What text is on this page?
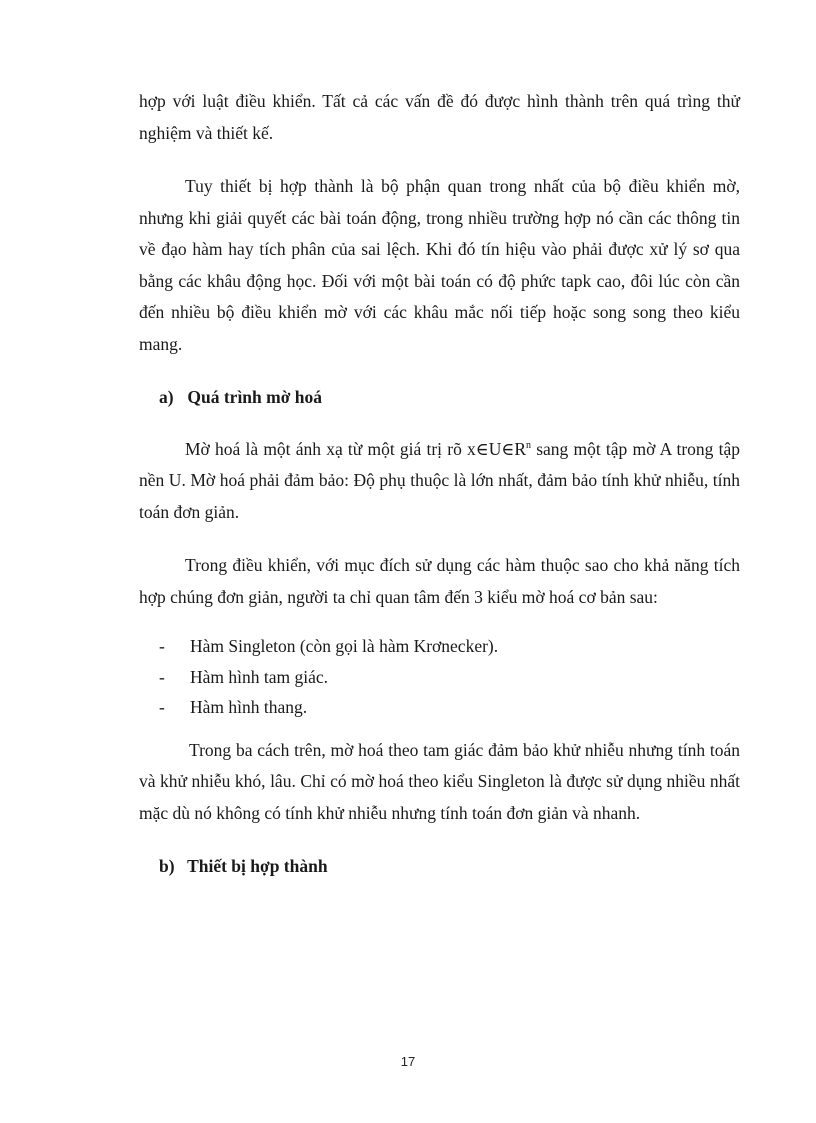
hợp với luật điều khiển. Tất cả các vấn đề đó được hình thành trên quá trìng thử nghiệm và thiết kế.

Tuy thiết bị hợp thành là bộ phận quan trong nhất của bộ điều khiển mờ, nhưng khi giải quyết các bài toán động, trong nhiều trường hợp nó cần các thông tin về đạo hàm hay tích phân của sai lệch. Khi đó tín hiệu vào phải được xử lý sơ qua bằng các khâu động học. Đối với một bài toán có độ phức tapk cao, đôi lúc còn cần đến nhiều bộ điều khiển mờ với các khâu mắc nối tiếp hoặc song song theo kiểu mang.

a) Quá trình mờ hoá

Mờ hoá là một ánh xạ từ một giá trị rõ $x\in U\in R^n$ sang một tập mờ A trong tập nền U. Mờ hoá phải đảm bảo: Độ phụ thuộc là lớn nhất, đảm bảo tính khử nhiễu, tính toán đơn giản.

Trong điều khiển, với mục đích sử dụng các hàm thuộc sao cho khả năng tích hợp chúng đơn giản, người ta chỉ quan tâm đến 3 kiểu mờ hoá cơ bản sau:

-	Hàm Singleton (còn gọi là hàm Krơnecker).
-	Hàm hình tam giác.
-	Hàm hình thang.

Trong ba cách trên, mờ hoá theo tam giác đảm bảo khử nhiễu nhưng tính toán và khử nhiễu khó, lâu. Chỉ có mờ hoá theo kiểu Singleton là được sử dụng nhiều nhất mặc dù nó không có tính khử nhiễu nhưng tính toán đơn giản và nhanh.

b) Thiết bị hợp thành
17
